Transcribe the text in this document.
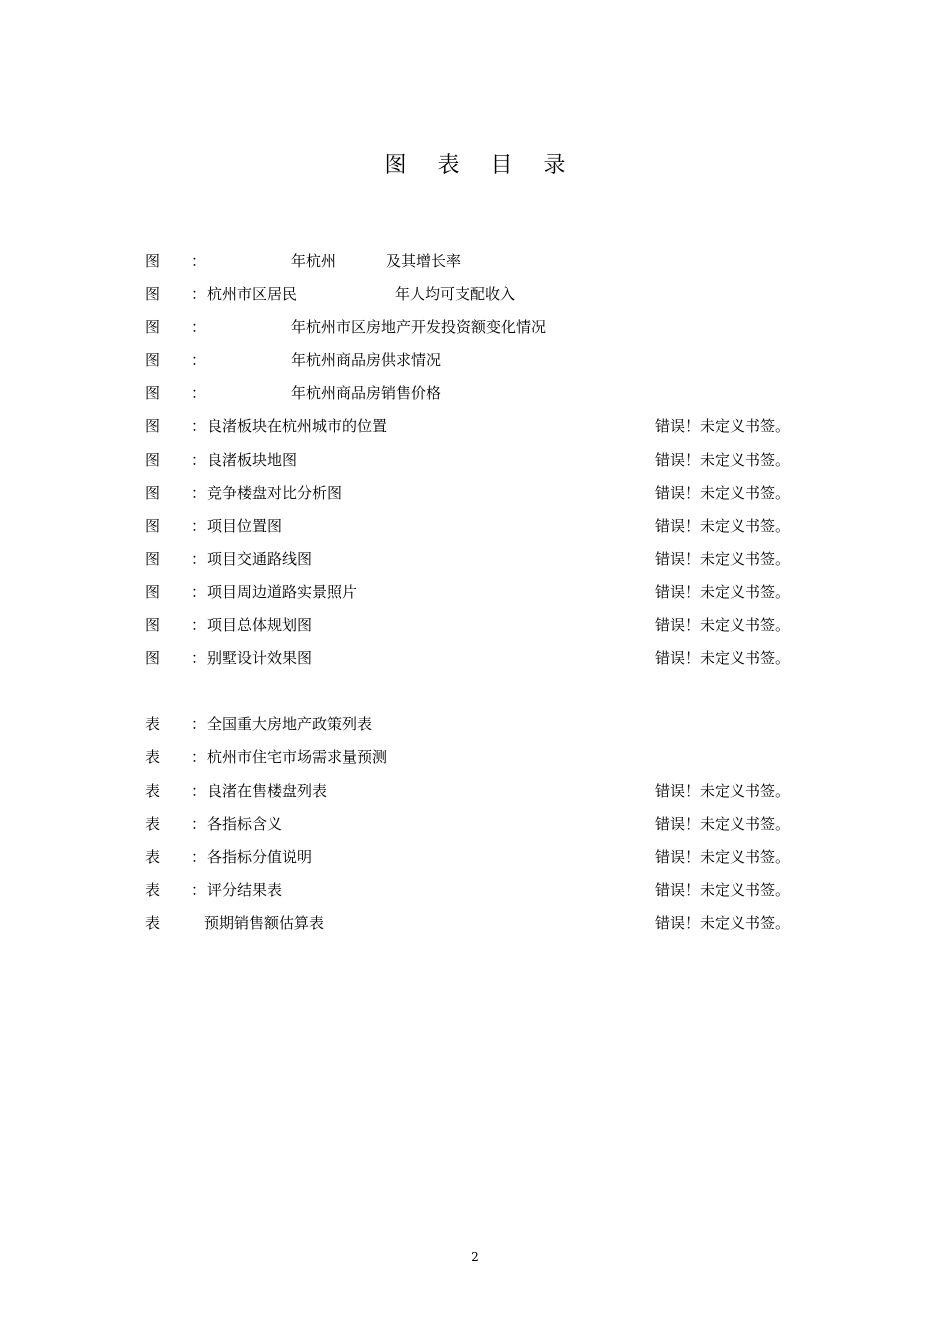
图 表 目 录
图 ：	年杭州	及其增长率
图 ： 杭州市区居民	年人均可支配收入
图 ：	年杭州市区房地产开发投资额变化情况
图 ：	年杭州商品房供求情况
图 ：	年杭州商品房销售价格
图 ： 良渚板块在杭州城市的位置	错误！未定义书签。
图 ： 良渚板块地图	错误！未定义书签。
图 ： 竞争楼盘对比分析图	错误！未定义书签。
图 ： 项目位置图	错误！未定义书签。
图 ： 项目交通路线图	错误！未定义书签。
图 ： 项目周边道路实景照片	错误！未定义书签。
图 ： 项目总体规划图	错误！未定义书签。
图 ： 别墅设计效果图	错误！未定义书签。
表 ： 全国重大房地产政策列表
表 ： 杭州市住宅市场需求量预测
表 ： 良渚在售楼盘列表	错误！未定义书签。
表 ： 各指标含义	错误！未定义书签。
表 ： 各指标分值说明	错误！未定义书签。
表 ： 评分结果表	错误！未定义书签。
表	预期销售额估算表	错误！未定义书签。
2
